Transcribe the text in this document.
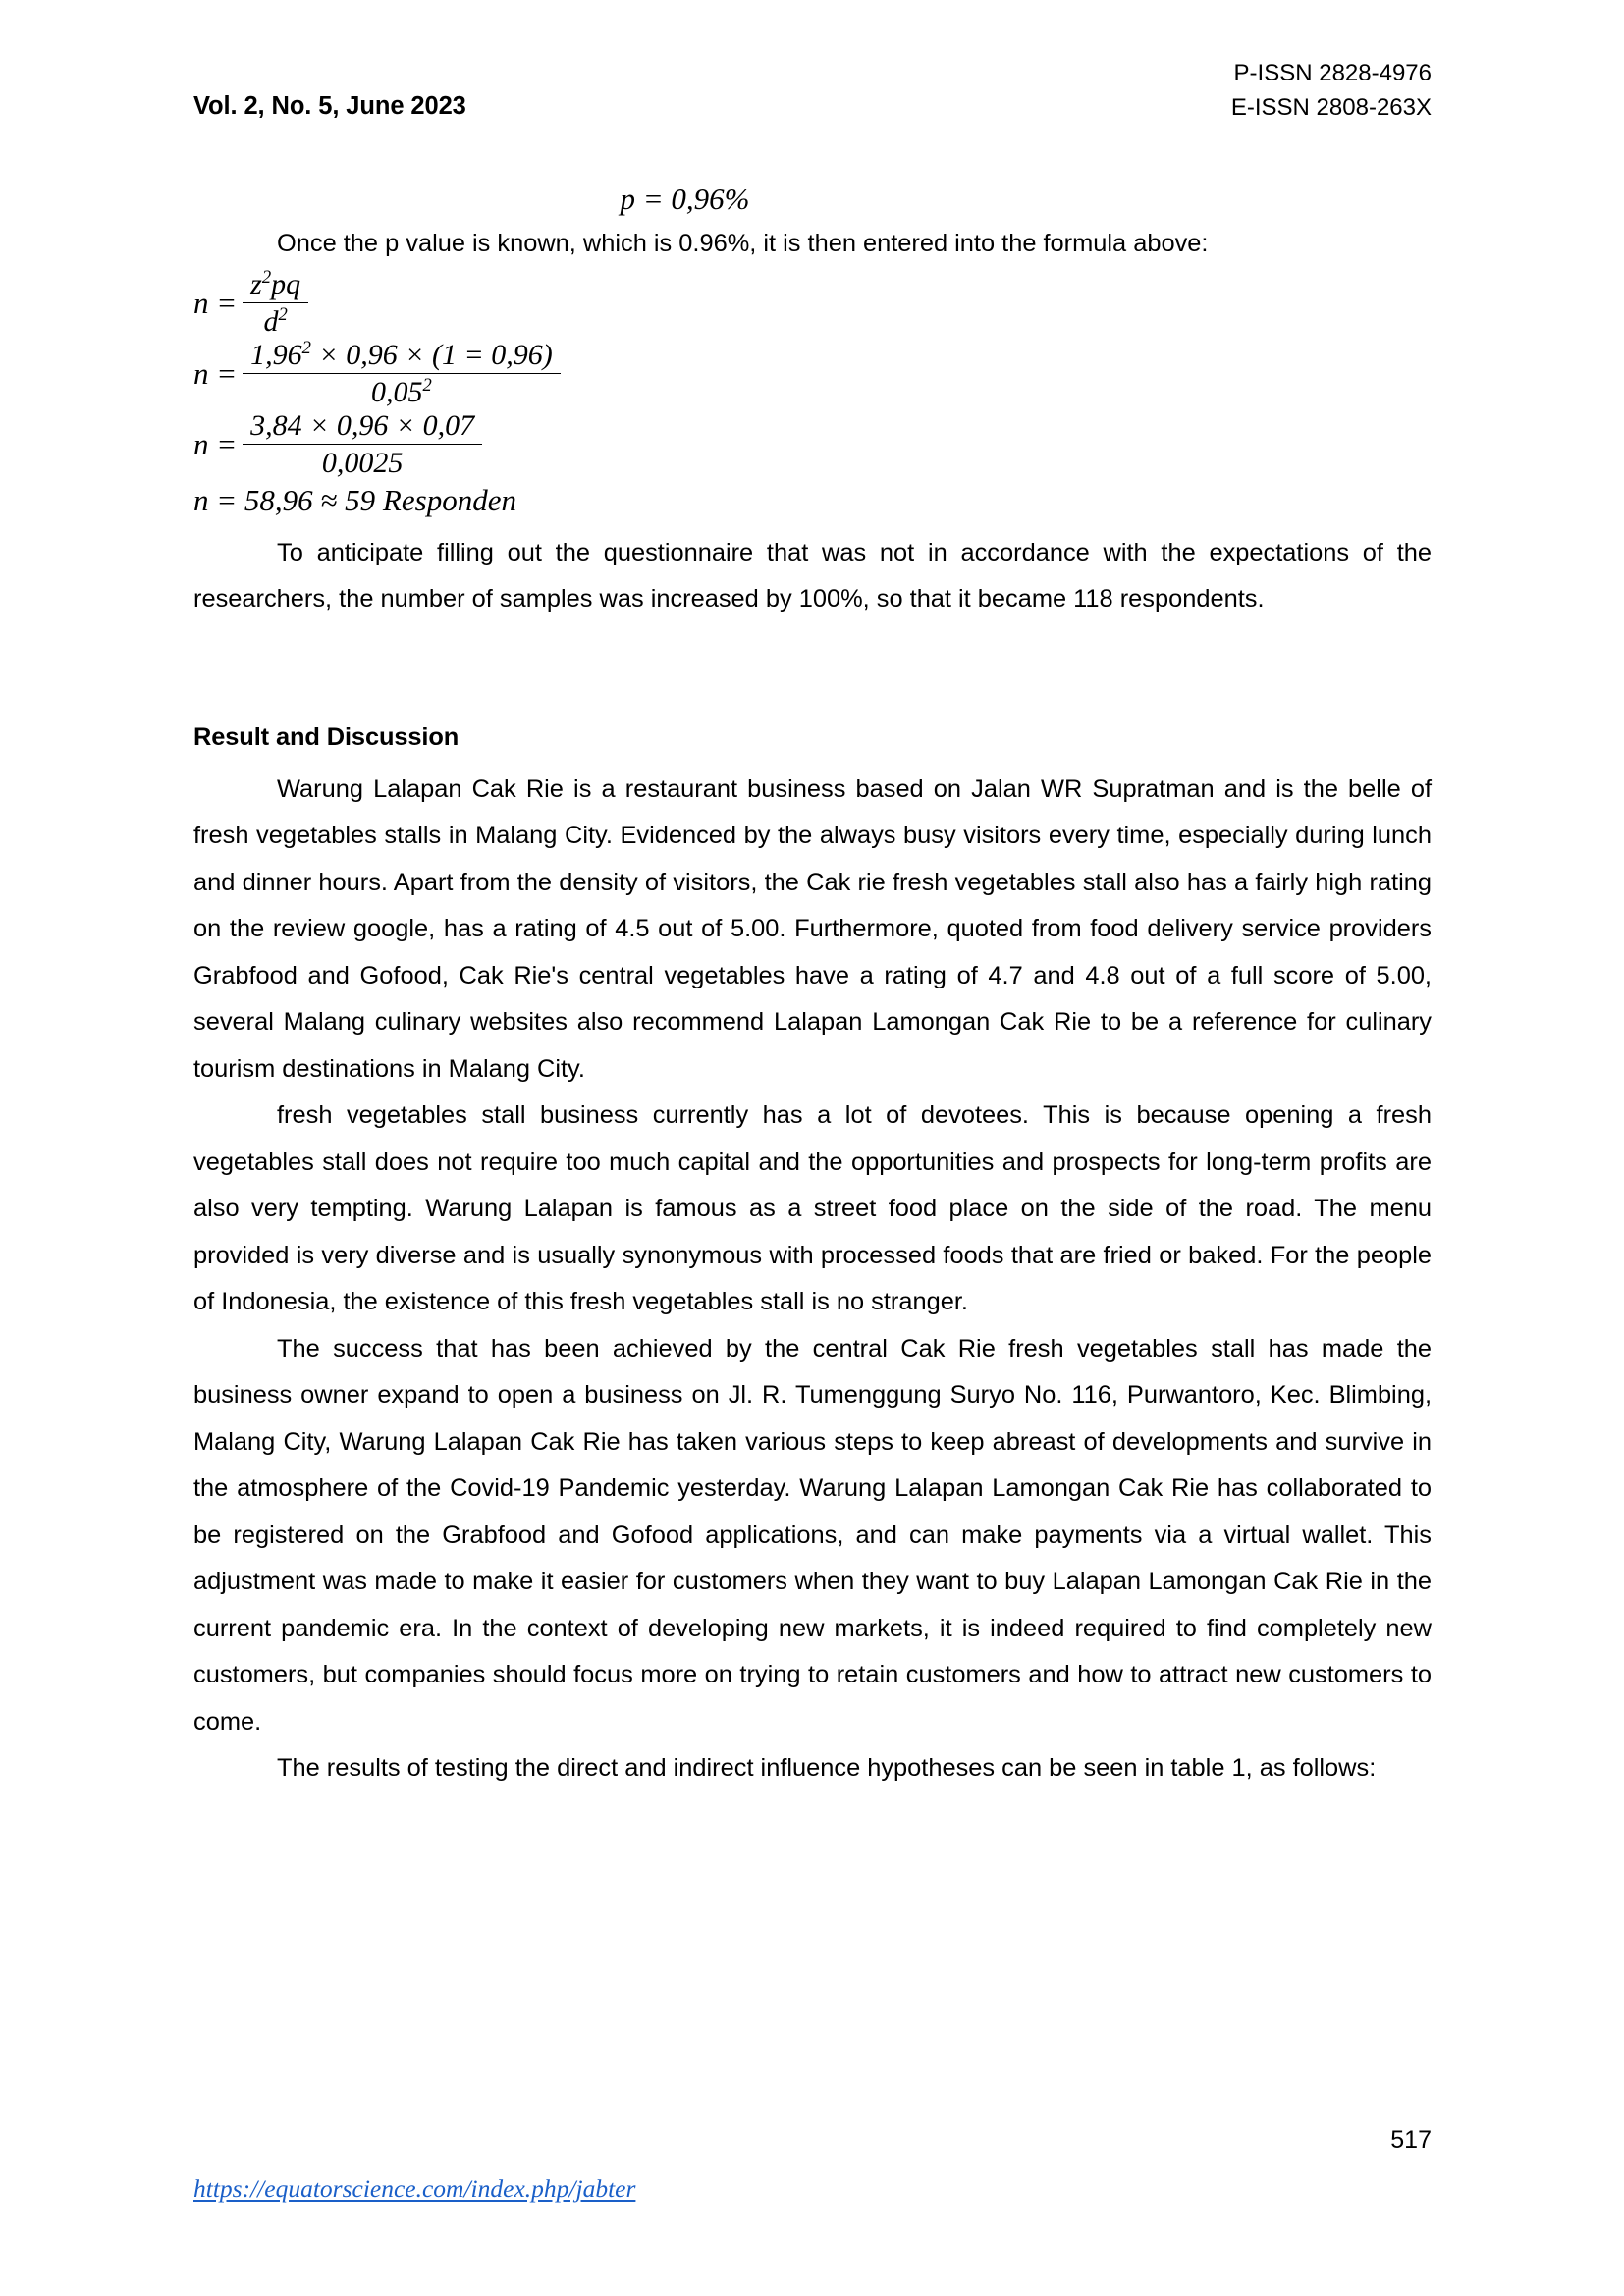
Vol. 2, No. 5, June 2023
P-ISSN 2828-4976
E-ISSN 2808-263X
p = 0,96%

Once the p value is known, which is 0.96%, it is then entered into the formula above:

$n = \frac{z^2pq}{d^2}$
$n = \frac{1,96^2 \times 0,96 \times (1 = 0,96)}{0,05^2}$
$n = \frac{3,84 \times 0,96 \times 0,07}{0,0025}$
n = 58,96 ≈ 59 Responden

To anticipate filling out the questionnaire that was not in accordance with the expectations of the researchers, the number of samples was increased by 100%, so that it became 118 respondents.

Result and Discussion

Warung Lalapan Cak Rie is a restaurant business based on Jalan WR Supratman and is the belle of fresh vegetables stalls in Malang City. Evidenced by the always busy visitors every time, especially during lunch and dinner hours. Apart from the density of visitors, the Cak rie fresh vegetables stall also has a fairly high rating on the review google, has a rating of 4.5 out of 5.00. Furthermore, quoted from food delivery service providers Grabfood and Gofood, Cak Rie's central vegetables have a rating of 4.7 and 4.8 out of a full score of 5.00, several Malang culinary websites also recommend Lalapan Lamongan Cak Rie to be a reference for culinary tourism destinations in Malang City.

fresh vegetables stall business currently has a lot of devotees. This is because opening a fresh vegetables stall does not require too much capital and the opportunities and prospects for long-term profits are also very tempting. Warung Lalapan is famous as a street food place on the side of the road. The menu provided is very diverse and is usually synonymous with processed foods that are fried or baked. For the people of Indonesia, the existence of this fresh vegetables stall is no stranger.

The success that has been achieved by the central Cak Rie fresh vegetables stall has made the business owner expand to open a business on Jl. R. Tumenggung Suryo No. 116, Purwantoro, Kec. Blimbing, Malang City, Warung Lalapan Cak Rie has taken various steps to keep abreast of developments and survive in the atmosphere of the Covid-19 Pandemic yesterday. Warung Lalapan Lamongan Cak Rie has collaborated to be registered on the Grabfood and Gofood applications, and can make payments via a virtual wallet. This adjustment was made to make it easier for customers when they want to buy Lalapan Lamongan Cak Rie in the current pandemic era. In the context of developing new markets, it is indeed required to find completely new customers, but companies should focus more on trying to retain customers and how to attract new customers to come.

The results of testing the direct and indirect influence hypotheses can be seen in table 1, as follows:

517
https://equatorscience.com/index.php/jabter
